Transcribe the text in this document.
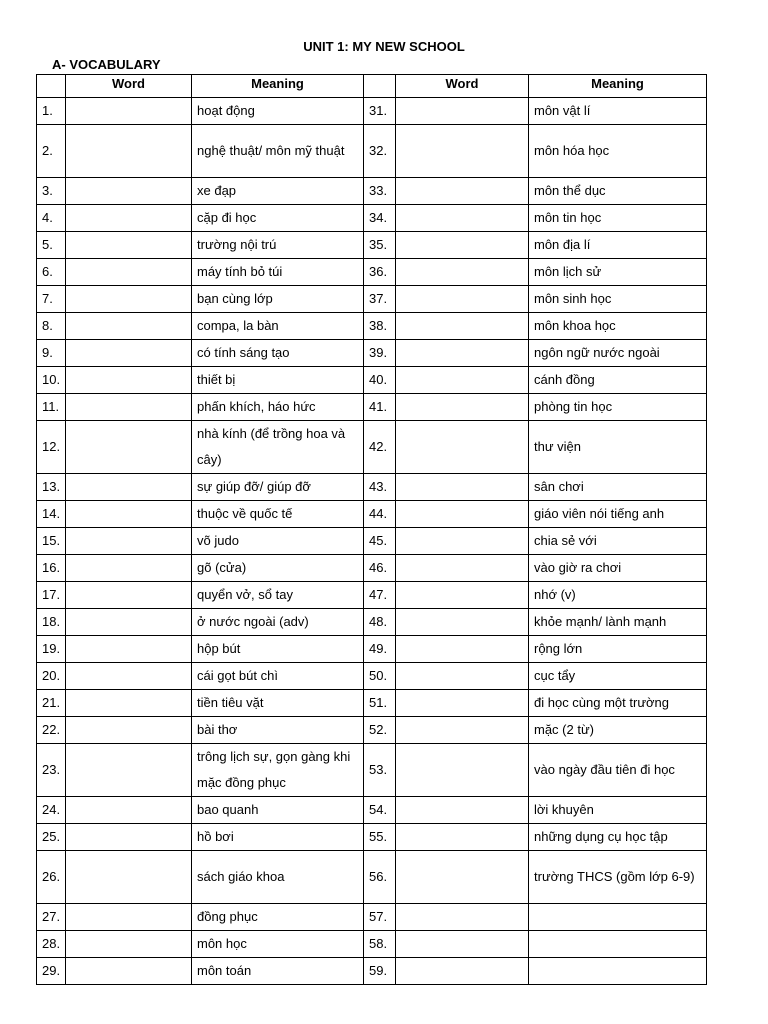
UNIT 1: MY NEW SCHOOL
A- VOCABULARY
	Word	Meaning		Word	Meaning
1.		hoạt động	31.		môn vật lí
2.		nghệ thuật/ môn mỹ thuật	32.		môn hóa học
3.		xe đạp	33.		môn thể dục
4.		cặp đi học	34.		môn tin học
5.		trường nội trú	35.		môn địa lí
6.		máy tính bỏ túi	36.		môn lịch sử
7.		bạn cùng lớp	37.		môn sinh học
8.		compa, la bàn	38.		môn khoa học
9.		có tính sáng tạo	39.		ngôn ngữ nước ngoài
10.		thiết bị	40.		cánh đồng
11.		phấn khích, háo hức	41.		phòng tin học
12.		nhà kính (để trồng hoa và cây)	42.		thư viện
13.		sự giúp đỡ/ giúp đỡ	43.		sân chơi
14.		thuộc về quốc tế	44.		giáo viên nói tiếng anh
15.		võ judo	45.		chia sẻ với
16.		gõ (cửa)	46.		vào giờ ra chơi
17.		quyển vở, sổ tay	47.		nhớ (v)
18.		ở nước ngoài (adv)	48.		khỏe mạnh/ lành mạnh
19.		hộp bút	49.		rộng lớn
20.		cái gọt bút chì	50.		cục tẩy
21.		tiền tiêu vặt	51.		đi học cùng một trường
22.		bài thơ	52.		mặc (2 từ)
23.		trông lịch sự, gọn gàng khi mặc đồng phục	53.		vào ngày đầu tiên đi học
24.		bao quanh	54.		lời khuyên
25.		hồ bơi	55.		những dụng cụ học tập
26.		sách giáo khoa	56.		trường THCS (gồm lớp 6-9)
27.		đồng phục	57.		
28.		môn học	58.		
29.		môn toán	59.		
